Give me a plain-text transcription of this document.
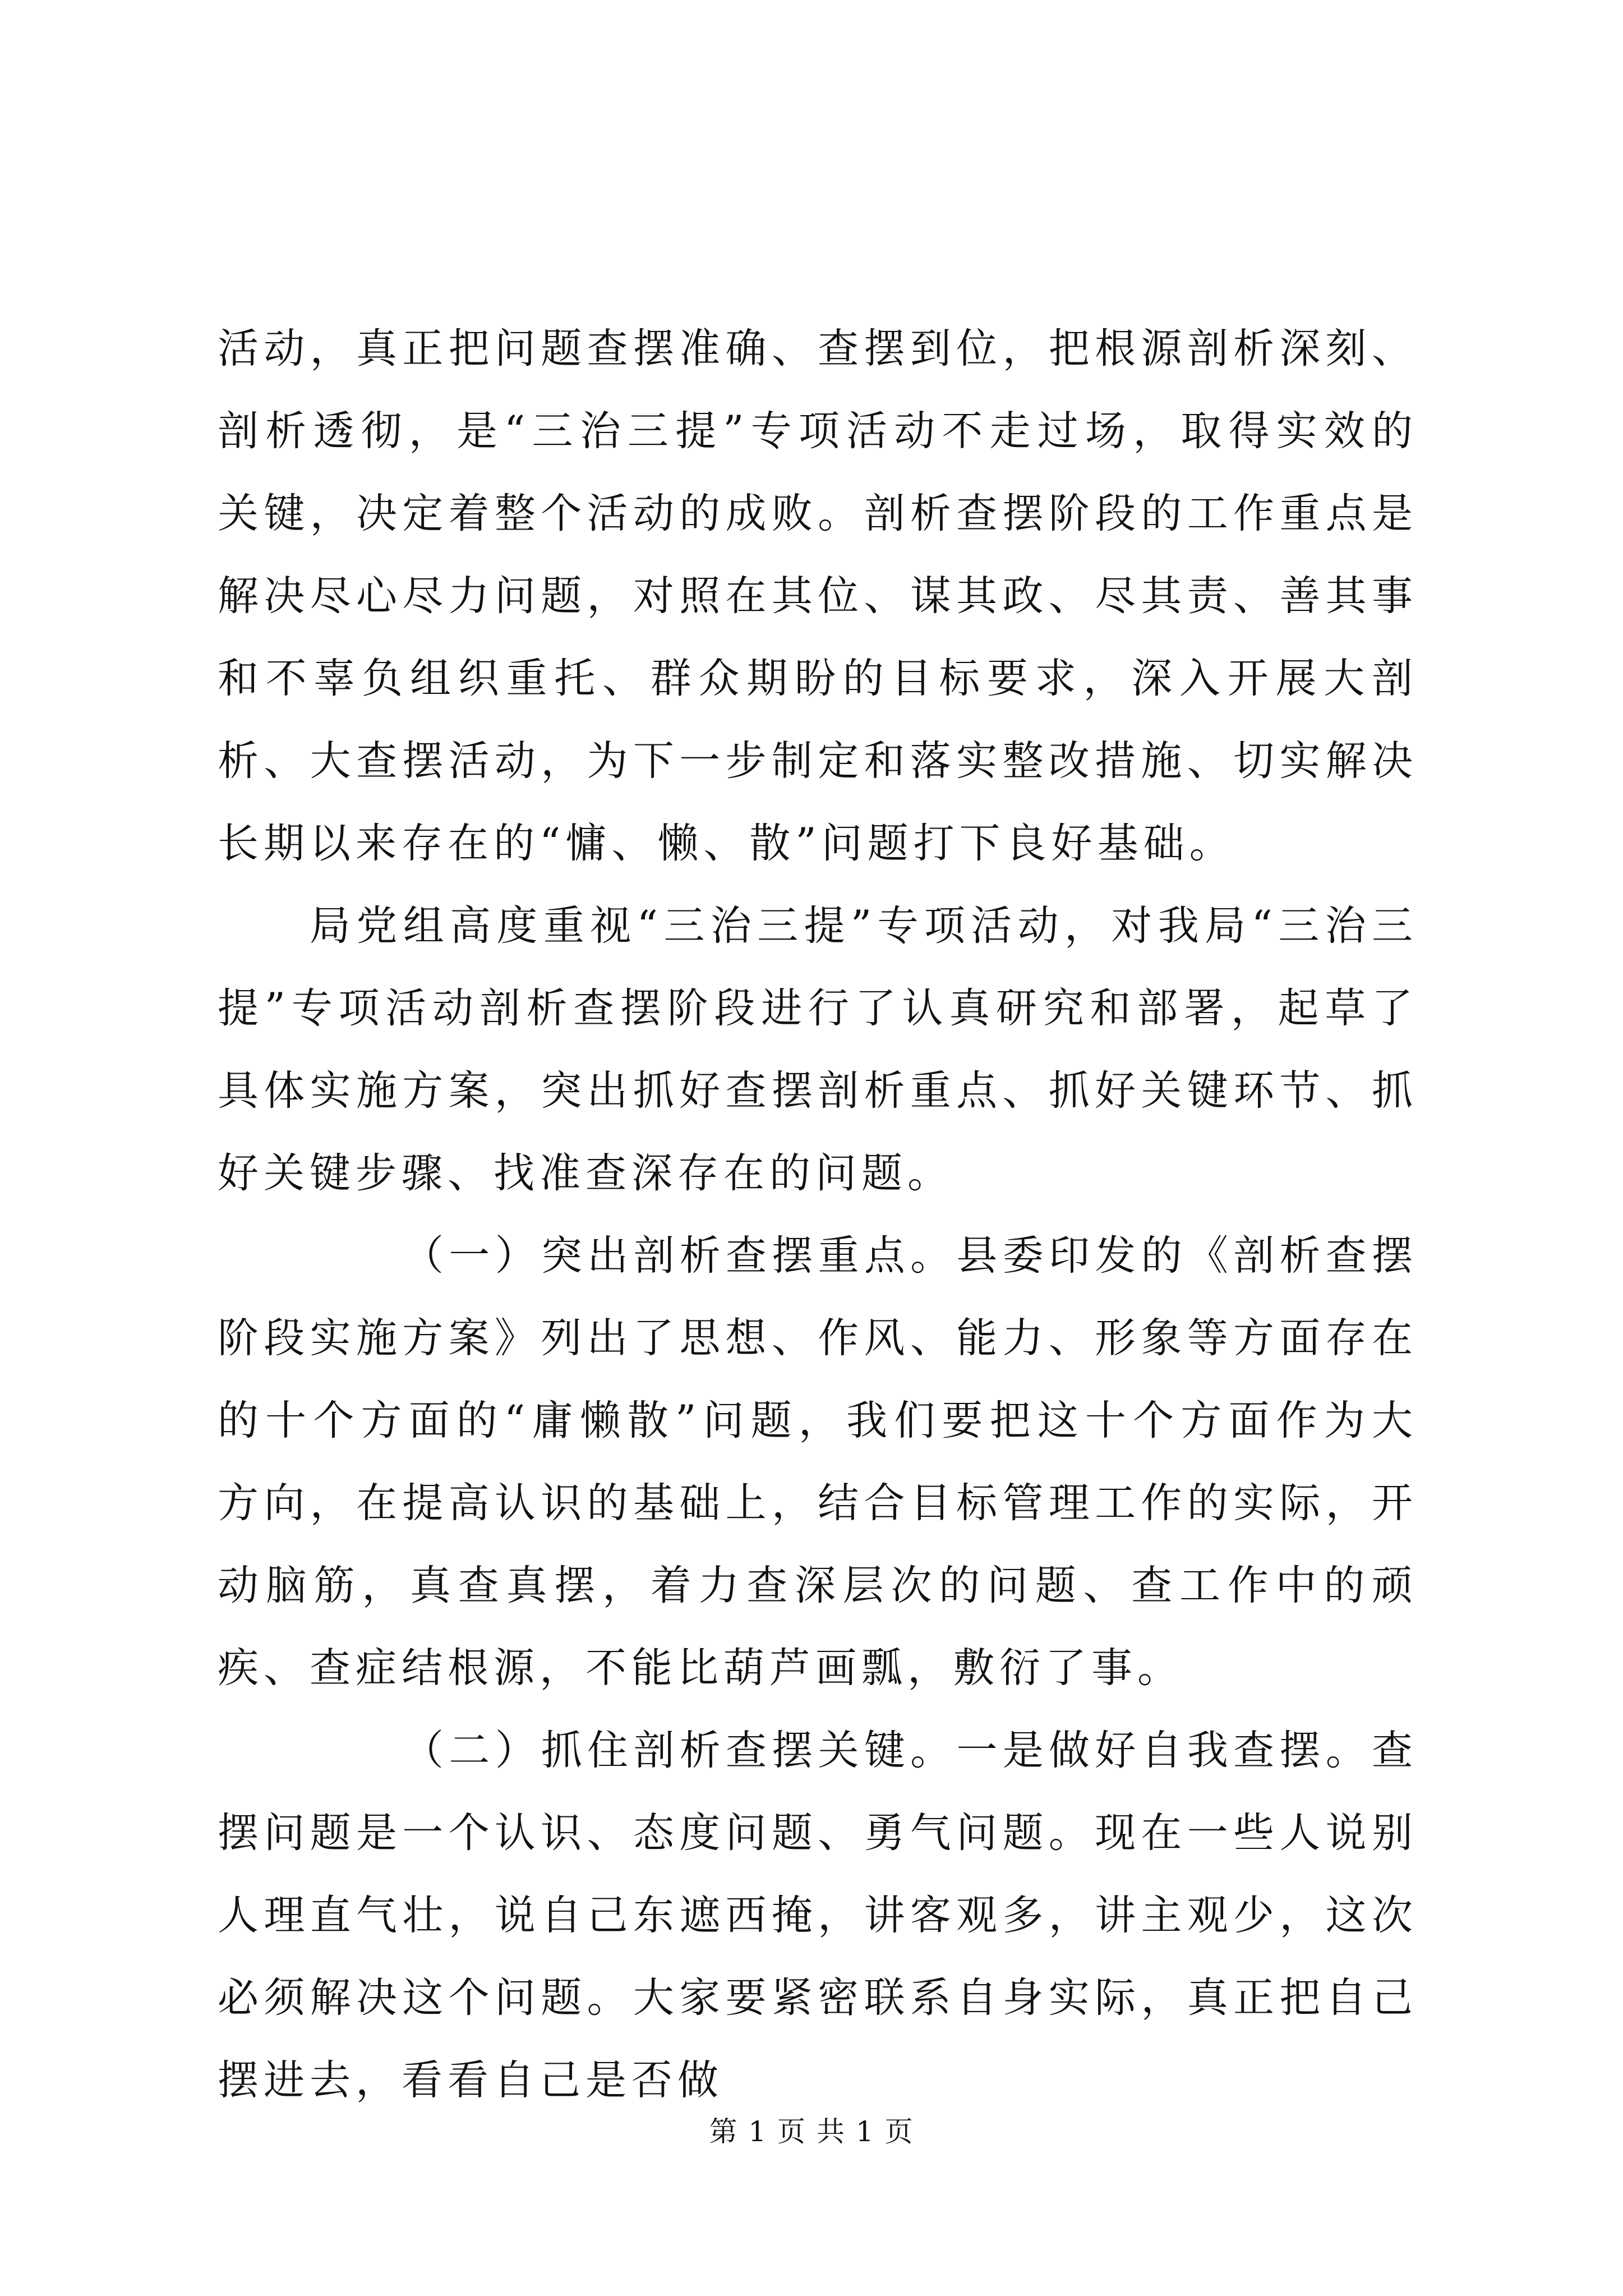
活动，真正把问题查摆准确、查摆到位，把根源剖析深刻、剖析透彻，是“三治三提”专项活动不走过场，取得实效的关键，决定着整个活动的成败。剖析查摆阶段的工作重点是解决尽心尽力问题，对照在其位、谋其政、尽其责、善其事和不辜负组织重托、群众期盼的目标要求，深入开展大剖析、大查摆活动，为下一步制定和落实整改措施、切实解决长期以来存在的“慵、懒、散”问题打下良好基础。

局党组高度重视“三治三提”专项活动，对我局“三治三提”专项活动剖析查摆阶段进行了认真研究和部署，起草了具体实施方案，突出抓好查摆剖析重点、抓好关键环节、抓好关键步骤、找准查深存在的问题。

（一）突出剖析查摆重点。县委印发的《剖析查摆阶段实施方案》列出了思想、作风、能力、形象等方面存在的十个方面的“庸懒散”问题，我们要把这十个方面作为大方向，在提高认识的基础上，结合目标管理工作的实际，开动脑筋，真查真摆，着力查深层次的问题、查工作中的顽疾、查症结根源，不能比葫芦画瓢，敷衍了事。

（二）抓住剖析查摆关键。一是做好自我查摆。查摆问题是一个认识、态度问题、勇气问题。现在一些人说别人理直气壮，说自己东遮西掩，讲客观多，讲主观少，这次必须解决这个问题。大家要紧密联系自身实际，真正把自己摆进去，看看自己是否做

第 1 页 共 1 页
